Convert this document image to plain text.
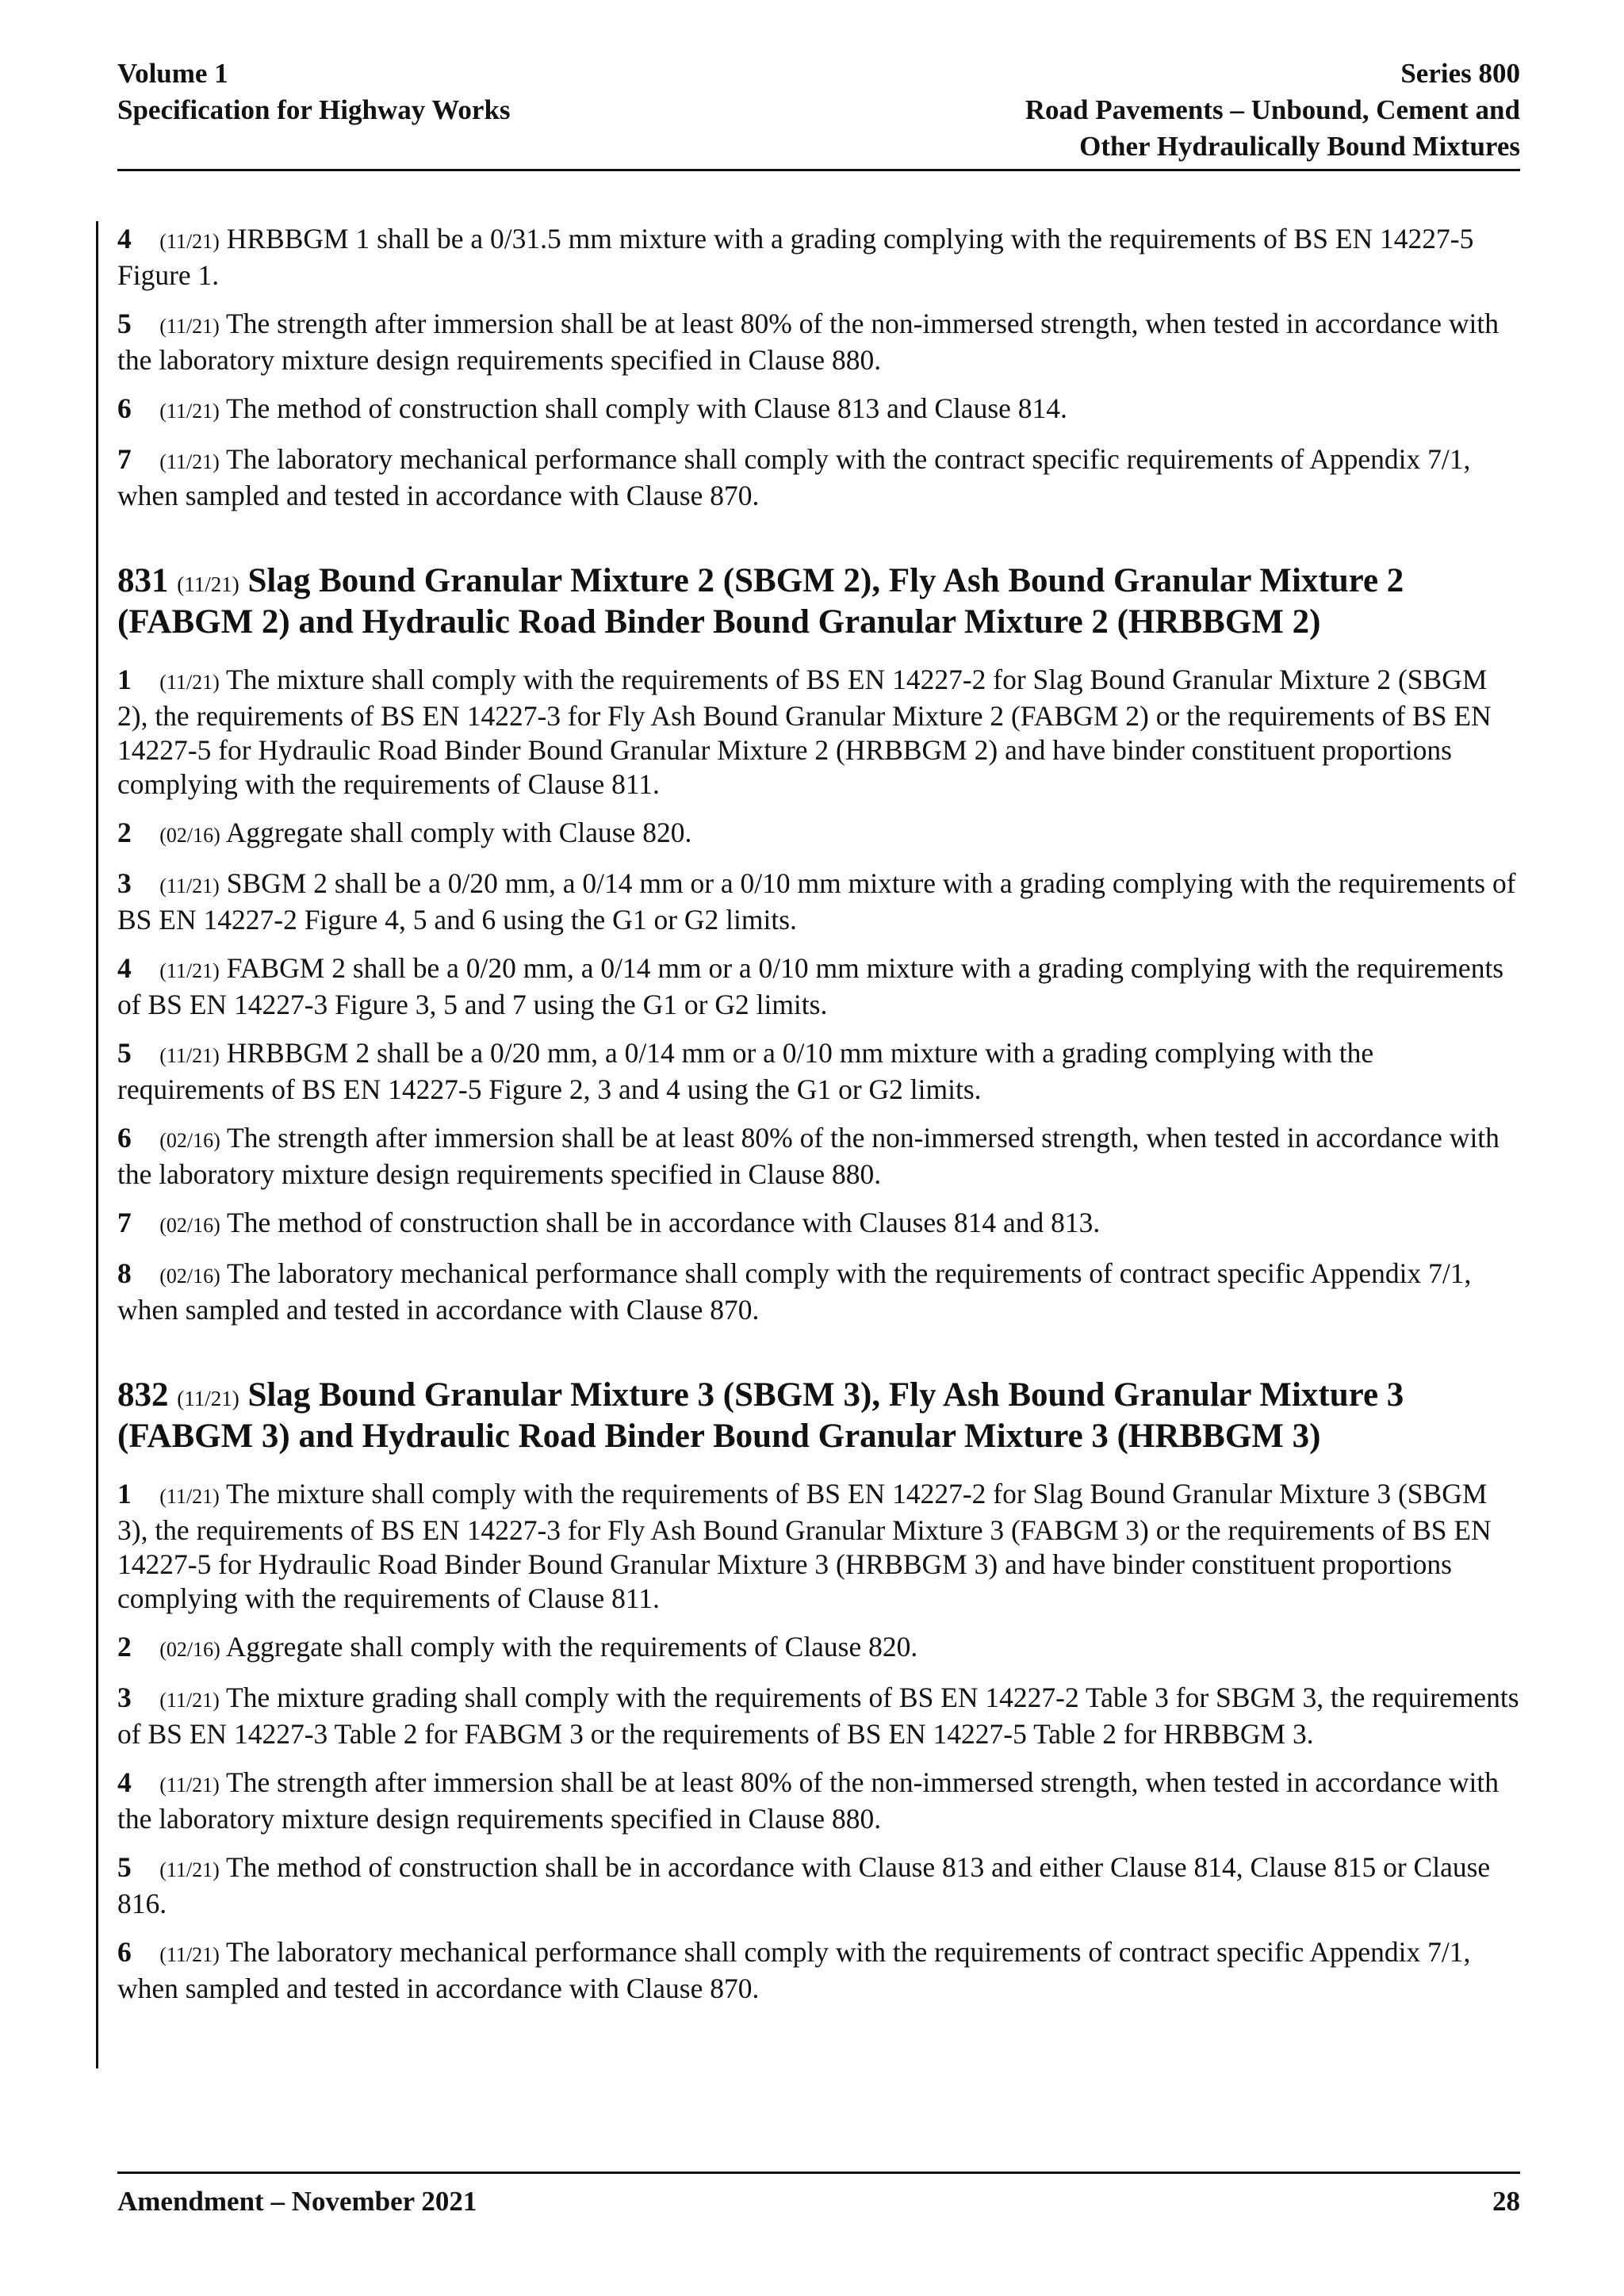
Volume 1
Specification for Highway Works
Series 800
Road Pavements – Unbound, Cement and
Other Hydraulically Bound Mixtures

4 (11/21) HRBBGM 1 shall be a 0/31.5 mm mixture with a grading complying with the requirements of BS EN 14227-5 Figure 1.

5 (11/21) The strength after immersion shall be at least 80% of the non-immersed strength, when tested in accordance with the laboratory mixture design requirements specified in Clause 880.

6 (11/21) The method of construction shall comply with Clause 813 and Clause 814.

7 (11/21) The laboratory mechanical performance shall comply with the contract specific requirements of Appendix 7/1, when sampled and tested in accordance with Clause 870.

831 (11/21) Slag Bound Granular Mixture 2 (SBGM 2), Fly Ash Bound Granular Mixture 2 (FABGM 2) and Hydraulic Road Binder Bound Granular Mixture 2 (HRBBGM 2)

1 (11/21) The mixture shall comply with the requirements of BS EN 14227-2 for Slag Bound Granular Mixture 2 (SBGM 2), the requirements of BS EN 14227-3 for Fly Ash Bound Granular Mixture 2 (FABGM 2) or the requirements of BS EN 14227-5 for Hydraulic Road Binder Bound Granular Mixture 2 (HRBBGM 2) and have binder constituent proportions complying with the requirements of Clause 811.

2 (02/16) Aggregate shall comply with Clause 820.

3 (11/21) SBGM 2 shall be a 0/20 mm, a 0/14 mm or a 0/10 mm mixture with a grading complying with the requirements of BS EN 14227-2 Figure 4, 5 and 6 using the G1 or G2 limits.

4 (11/21) FABGM 2 shall be a 0/20 mm, a 0/14 mm or a 0/10 mm mixture with a grading complying with the requirements of BS EN 14227-3 Figure 3, 5 and 7 using the G1 or G2 limits.

5 (11/21) HRBBGM 2 shall be a 0/20 mm, a 0/14 mm or a 0/10 mm mixture with a grading complying with the requirements of BS EN 14227-5 Figure 2, 3 and 4 using the G1 or G2 limits.

6 (02/16) The strength after immersion shall be at least 80% of the non-immersed strength, when tested in accordance with the laboratory mixture design requirements specified in Clause 880.

7 (02/16) The method of construction shall be in accordance with Clauses 814 and 813.

8 (02/16) The laboratory mechanical performance shall comply with the requirements of contract specific Appendix 7/1, when sampled and tested in accordance with Clause 870.

832 (11/21) Slag Bound Granular Mixture 3 (SBGM 3), Fly Ash Bound Granular Mixture 3 (FABGM 3) and Hydraulic Road Binder Bound Granular Mixture 3 (HRBBGM 3)

1 (11/21) The mixture shall comply with the requirements of BS EN 14227-2 for Slag Bound Granular Mixture 3 (SBGM 3), the requirements of BS EN 14227-3 for Fly Ash Bound Granular Mixture 3 (FABGM 3) or the requirements of BS EN 14227-5 for Hydraulic Road Binder Bound Granular Mixture 3 (HRBBGM 3) and have binder constituent proportions complying with the requirements of Clause 811.

2 (02/16) Aggregate shall comply with the requirements of Clause 820.

3 (11/21) The mixture grading shall comply with the requirements of BS EN 14227-2 Table 3 for SBGM 3, the requirements of BS EN 14227-3 Table 2 for FABGM 3 or the requirements of BS EN 14227-5 Table 2 for HRBBGM 3.

4 (11/21) The strength after immersion shall be at least 80% of the non-immersed strength, when tested in accordance with the laboratory mixture design requirements specified in Clause 880.

5 (11/21) The method of construction shall be in accordance with Clause 813 and either Clause 814, Clause 815 or Clause 816.

6 (11/21) The laboratory mechanical performance shall comply with the requirements of contract specific Appendix 7/1, when sampled and tested in accordance with Clause 870.

Amendment – November 2021	28
